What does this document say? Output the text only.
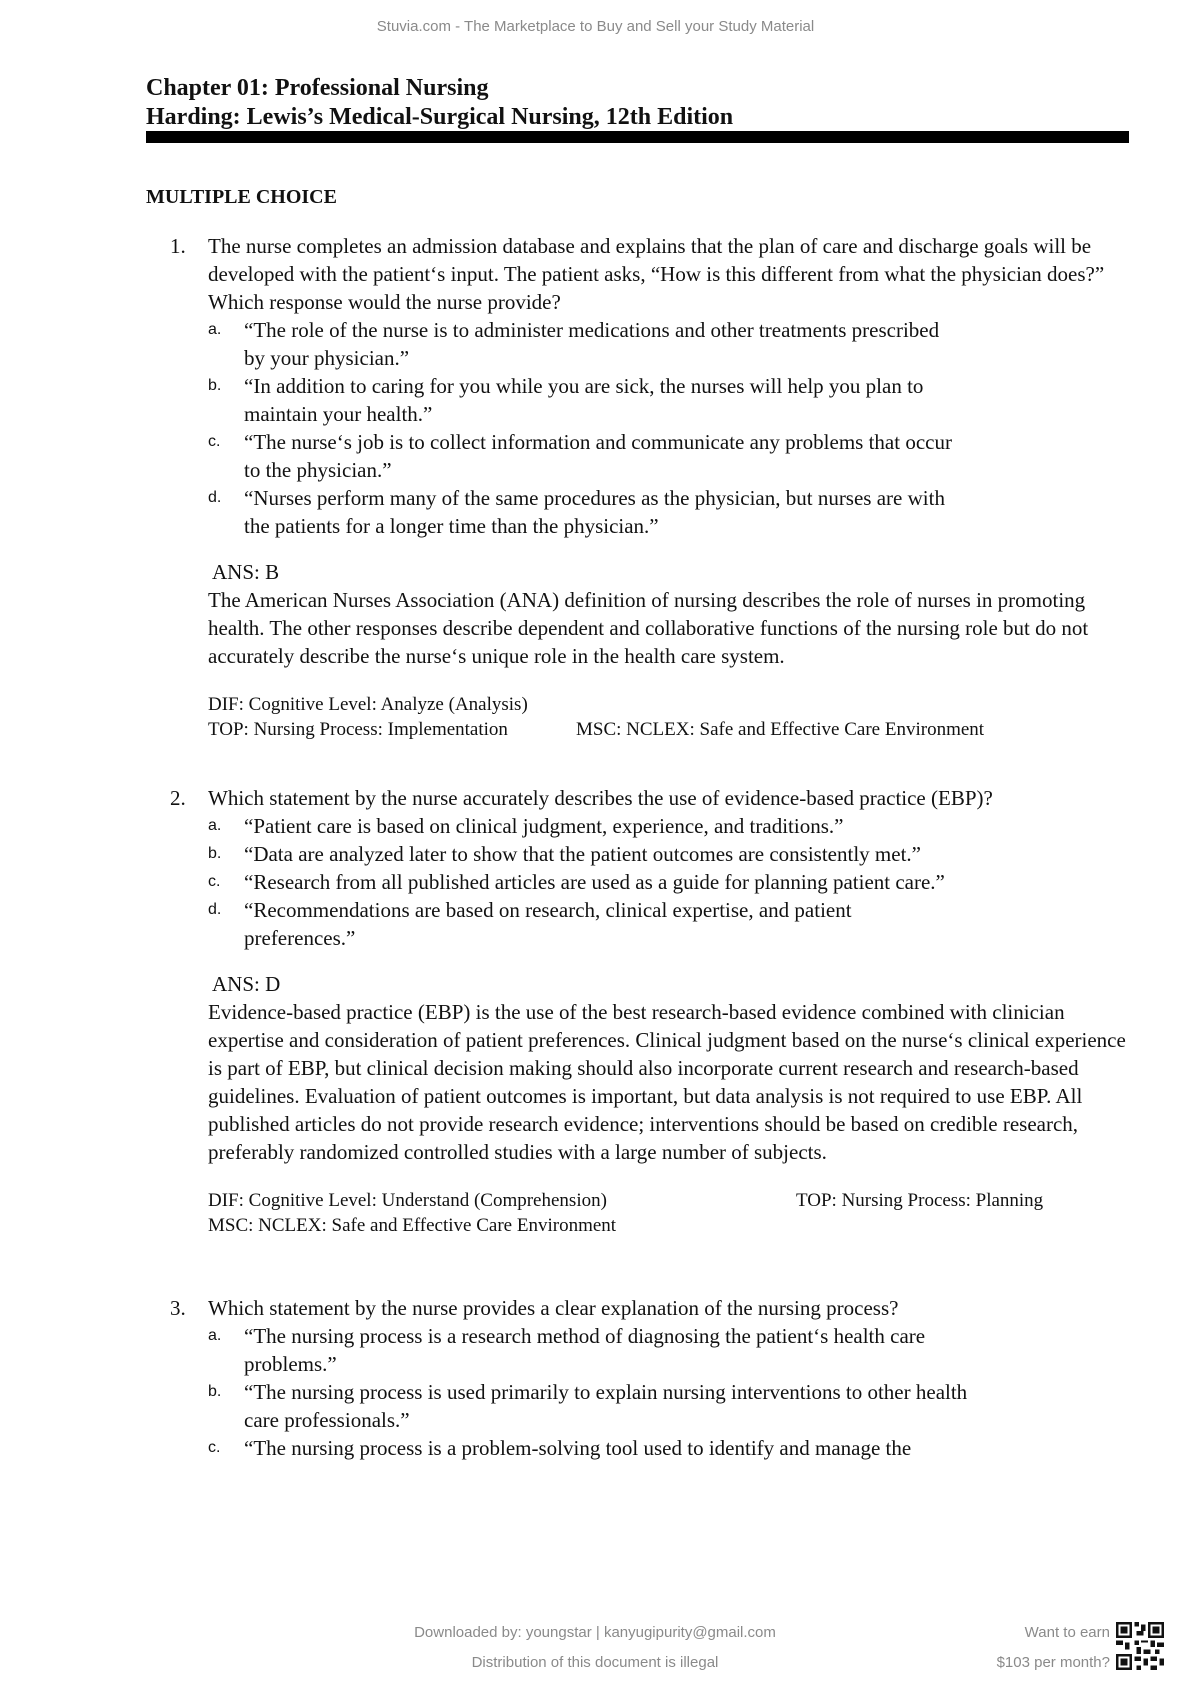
Stuvia.com - The Marketplace to Buy and Sell your Study Material
Chapter 01: Professional Nursing
Harding: Lewis’s Medical-Surgical Nursing, 12th Edition
MULTIPLE CHOICE
1.	The nurse completes an admission database and explains that the plan of care and discharge goals will be developed with the patient‘s input. The patient asks, “How is this different from what the physician does?” Which response would the nurse provide?
a. “The role of the nurse is to administer medications and other treatments prescribed by your physician.”
b. “In addition to caring for you while you are sick, the nurses will help you plan to maintain your health.”
c. “The nurse‘s job is to collect information and communicate any problems that occur to the physician.”
d. “Nurses perform many of the same procedures as the physician, but nurses are with the patients for a longer time than the physician.”
ANS: B
The American Nurses Association (ANA) definition of nursing describes the role of nurses in promoting health. The other responses describe dependent and collaborative functions of the nursing role but do not accurately describe the nurse‘s unique role in the health care system.
DIF: Cognitive Level: Analyze (Analysis)
TOP: Nursing Process: Implementation	MSC: NCLEX: Safe and Effective Care Environment
2.	Which statement by the nurse accurately describes the use of evidence-based practice (EBP)?
a. “Patient care is based on clinical judgment, experience, and traditions.”
b. “Data are analyzed later to show that the patient outcomes are consistently met.”
c. “Research from all published articles are used as a guide for planning patient care.”
d. “Recommendations are based on research, clinical expertise, and patient preferences.”
ANS: D
Evidence-based practice (EBP) is the use of the best research-based evidence combined with clinician expertise and consideration of patient preferences. Clinical judgment based on the nurse‘s clinical experience is part of EBP, but clinical decision making should also incorporate current research and research-based guidelines. Evaluation of patient outcomes is important, but data analysis is not required to use EBP. All published articles do not provide research evidence; interventions should be based on credible research, preferably randomized controlled studies with a large number of subjects.
DIF: Cognitive Level: Understand (Comprehension)	TOP: Nursing Process: Planning
MSC: NCLEX: Safe and Effective Care Environment
3.	Which statement by the nurse provides a clear explanation of the nursing process?
a. “The nursing process is a research method of diagnosing the patient‘s health care problems.”
b. “The nursing process is used primarily to explain nursing interventions to other health care professionals.”
c. “The nursing process is a problem-solving tool used to identify and manage the
Downloaded by: youngstar | kanyugipurity@gmail.com
Distribution of this document is illegal
Want to earn
$103 per month?
